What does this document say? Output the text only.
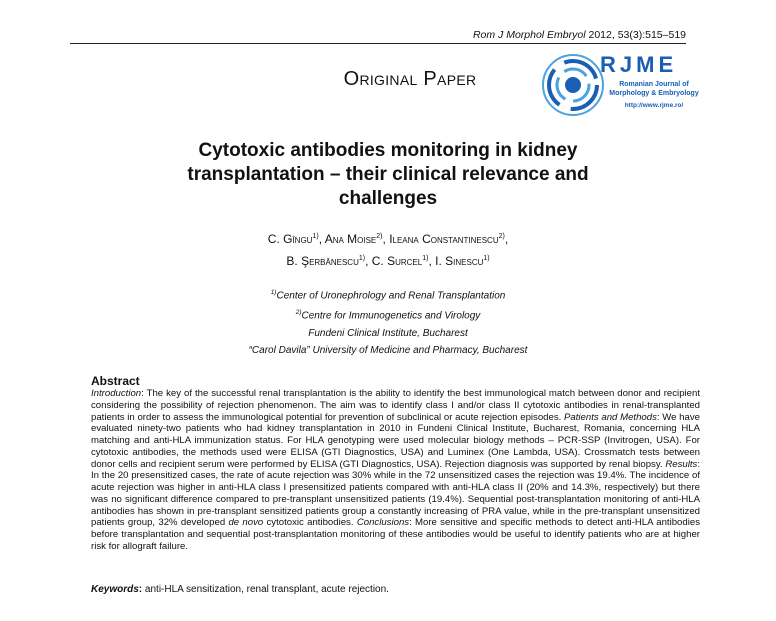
Rom J Morphol Embryol 2012, 53(3):515–519
Original Paper
RJME
Romanian Journal of
Morphology & Embryology
http://www.rjme.ro/
Cytotoxic antibodies monitoring in kidney transplantation – their clinical relevance and challenges
C. Gîngu$^{1)}$, Ana Moise$^{2)}$, Ileana Constantinescu$^{2)}$,
B. Şerbănescu$^{1)}$, C. Surcel$^{1)}$, I. Sinescu$^{1)}$
$^{1)}$Center of Uronephrology and Renal Transplantation
$^{2)}$Centre for Immunogenetics and Virology
Fundeni Clinical Institute, Bucharest
“Carol Davila” University of Medicine and Pharmacy, Bucharest
Abstract
Introduction: The key of the successful renal transplantation is the ability to identify the best immunological match between donor and recipient considering the possibility of rejection phenomenon. The aim was to identify class I and/or class II cytotoxic antibodies in renal-transplanted patients in order to assess the immunological potential for prevention of subclinical or acute rejection episodes. Patients and Methods: We have evaluated ninety-two patients who had kidney transplantation in 2010 in Fundeni Clinical Institute, Bucharest, Romania, concerning HLA matching and anti-HLA immunization status. For HLA genotyping were used molecular biology methods – PCR-SSP (Invitrogen, USA). For cytotoxic antibodies, the methods used were ELISA (GTI Diagnostics, USA) and Luminex (One Lambda, USA). Crossmatch tests between donor cells and recipient serum were performed by ELISA (GTI Diagnostics, USA). Rejection diagnosis was supported by renal biopsy. Results: In the 20 presensitized cases, the rate of acute rejection was 30% while in the 72 unsensitized cases the rejection was 19.4%. The incidence of acute rejection was higher in anti-HLA class I presensitized patients compared with anti-HLA class II (20% and 14.3%, respectively) but there was no significant difference compared to pre-transplant unsensitized patients (19.4%). Sequential post-transplantation monitoring of anti-HLA antibodies has shown in pre-transplant sensitized patients group a constantly increasing of PRA value, while in the pre-transplant unsensitized patients group, 32% developed de novo cytotoxic antibodies. Conclusions: More sensitive and specific methods to detect anti-HLA antibodies before transplantation and sequential post-transplantation monitoring of these antibodies would be useful to identify patients who are at higher risk for allograft failure.
Keywords: anti-HLA sensitization, renal transplant, acute rejection.
